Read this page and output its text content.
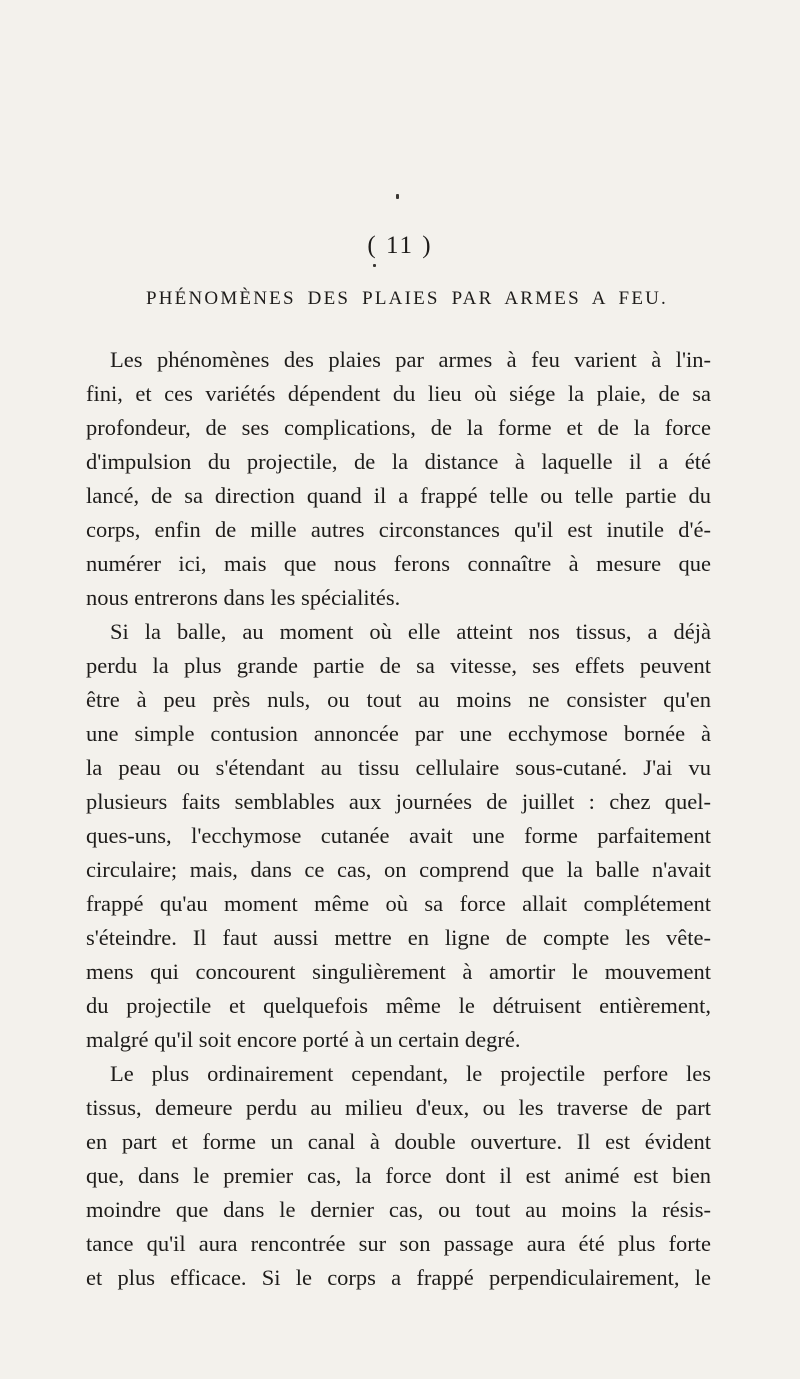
( 11 )
PHÉNOMÈNES DES PLAIES PAR ARMES A FEU.
Les phénomènes des plaies par armes à feu varient à l'in-
fini, et ces variétés dépendent du lieu où siége la plaie, de sa
profondeur, de ses complications, de la forme et de la force
d'impulsion du projectile, de la distance à laquelle il a été
lancé, de sa direction quand il a frappé telle ou telle partie du
corps, enfin de mille autres circonstances qu'il est inutile d'é-
numérer ici, mais que nous ferons connaître à mesure que
nous entrerons dans les spécialités.
Si la balle, au moment où elle atteint nos tissus, a déjà
perdu la plus grande partie de sa vitesse, ses effets peuvent
être à peu près nuls, ou tout au moins ne consister qu'en
une simple contusion annoncée par une ecchymose bornée à
la peau ou s'étendant au tissu cellulaire sous-cutané. J'ai vu
plusieurs faits semblables aux journées de juillet : chez quel-
ques-uns, l'ecchymose cutanée avait une forme parfaitement
circulaire; mais, dans ce cas, on comprend que la balle n'avait
frappé qu'au moment même où sa force allait complétement
s'éteindre. Il faut aussi mettre en ligne de compte les vête-
mens qui concourent singulièrement à amortir le mouvement
du projectile et quelquefois même le détruisent entièrement,
malgré qu'il soit encore porté à un certain degré.
Le plus ordinairement cependant, le projectile perfore les
tissus, demeure perdu au milieu d'eux, ou les traverse de part
en part et forme un canal à double ouverture. Il est évident
que, dans le premier cas, la force dont il est animé est bien
moindre que dans le dernier cas, ou tout au moins la résis-
tance qu'il aura rencontrée sur son passage aura été plus forte
et plus efficace. Si le corps a frappé perpendiculairement, le
